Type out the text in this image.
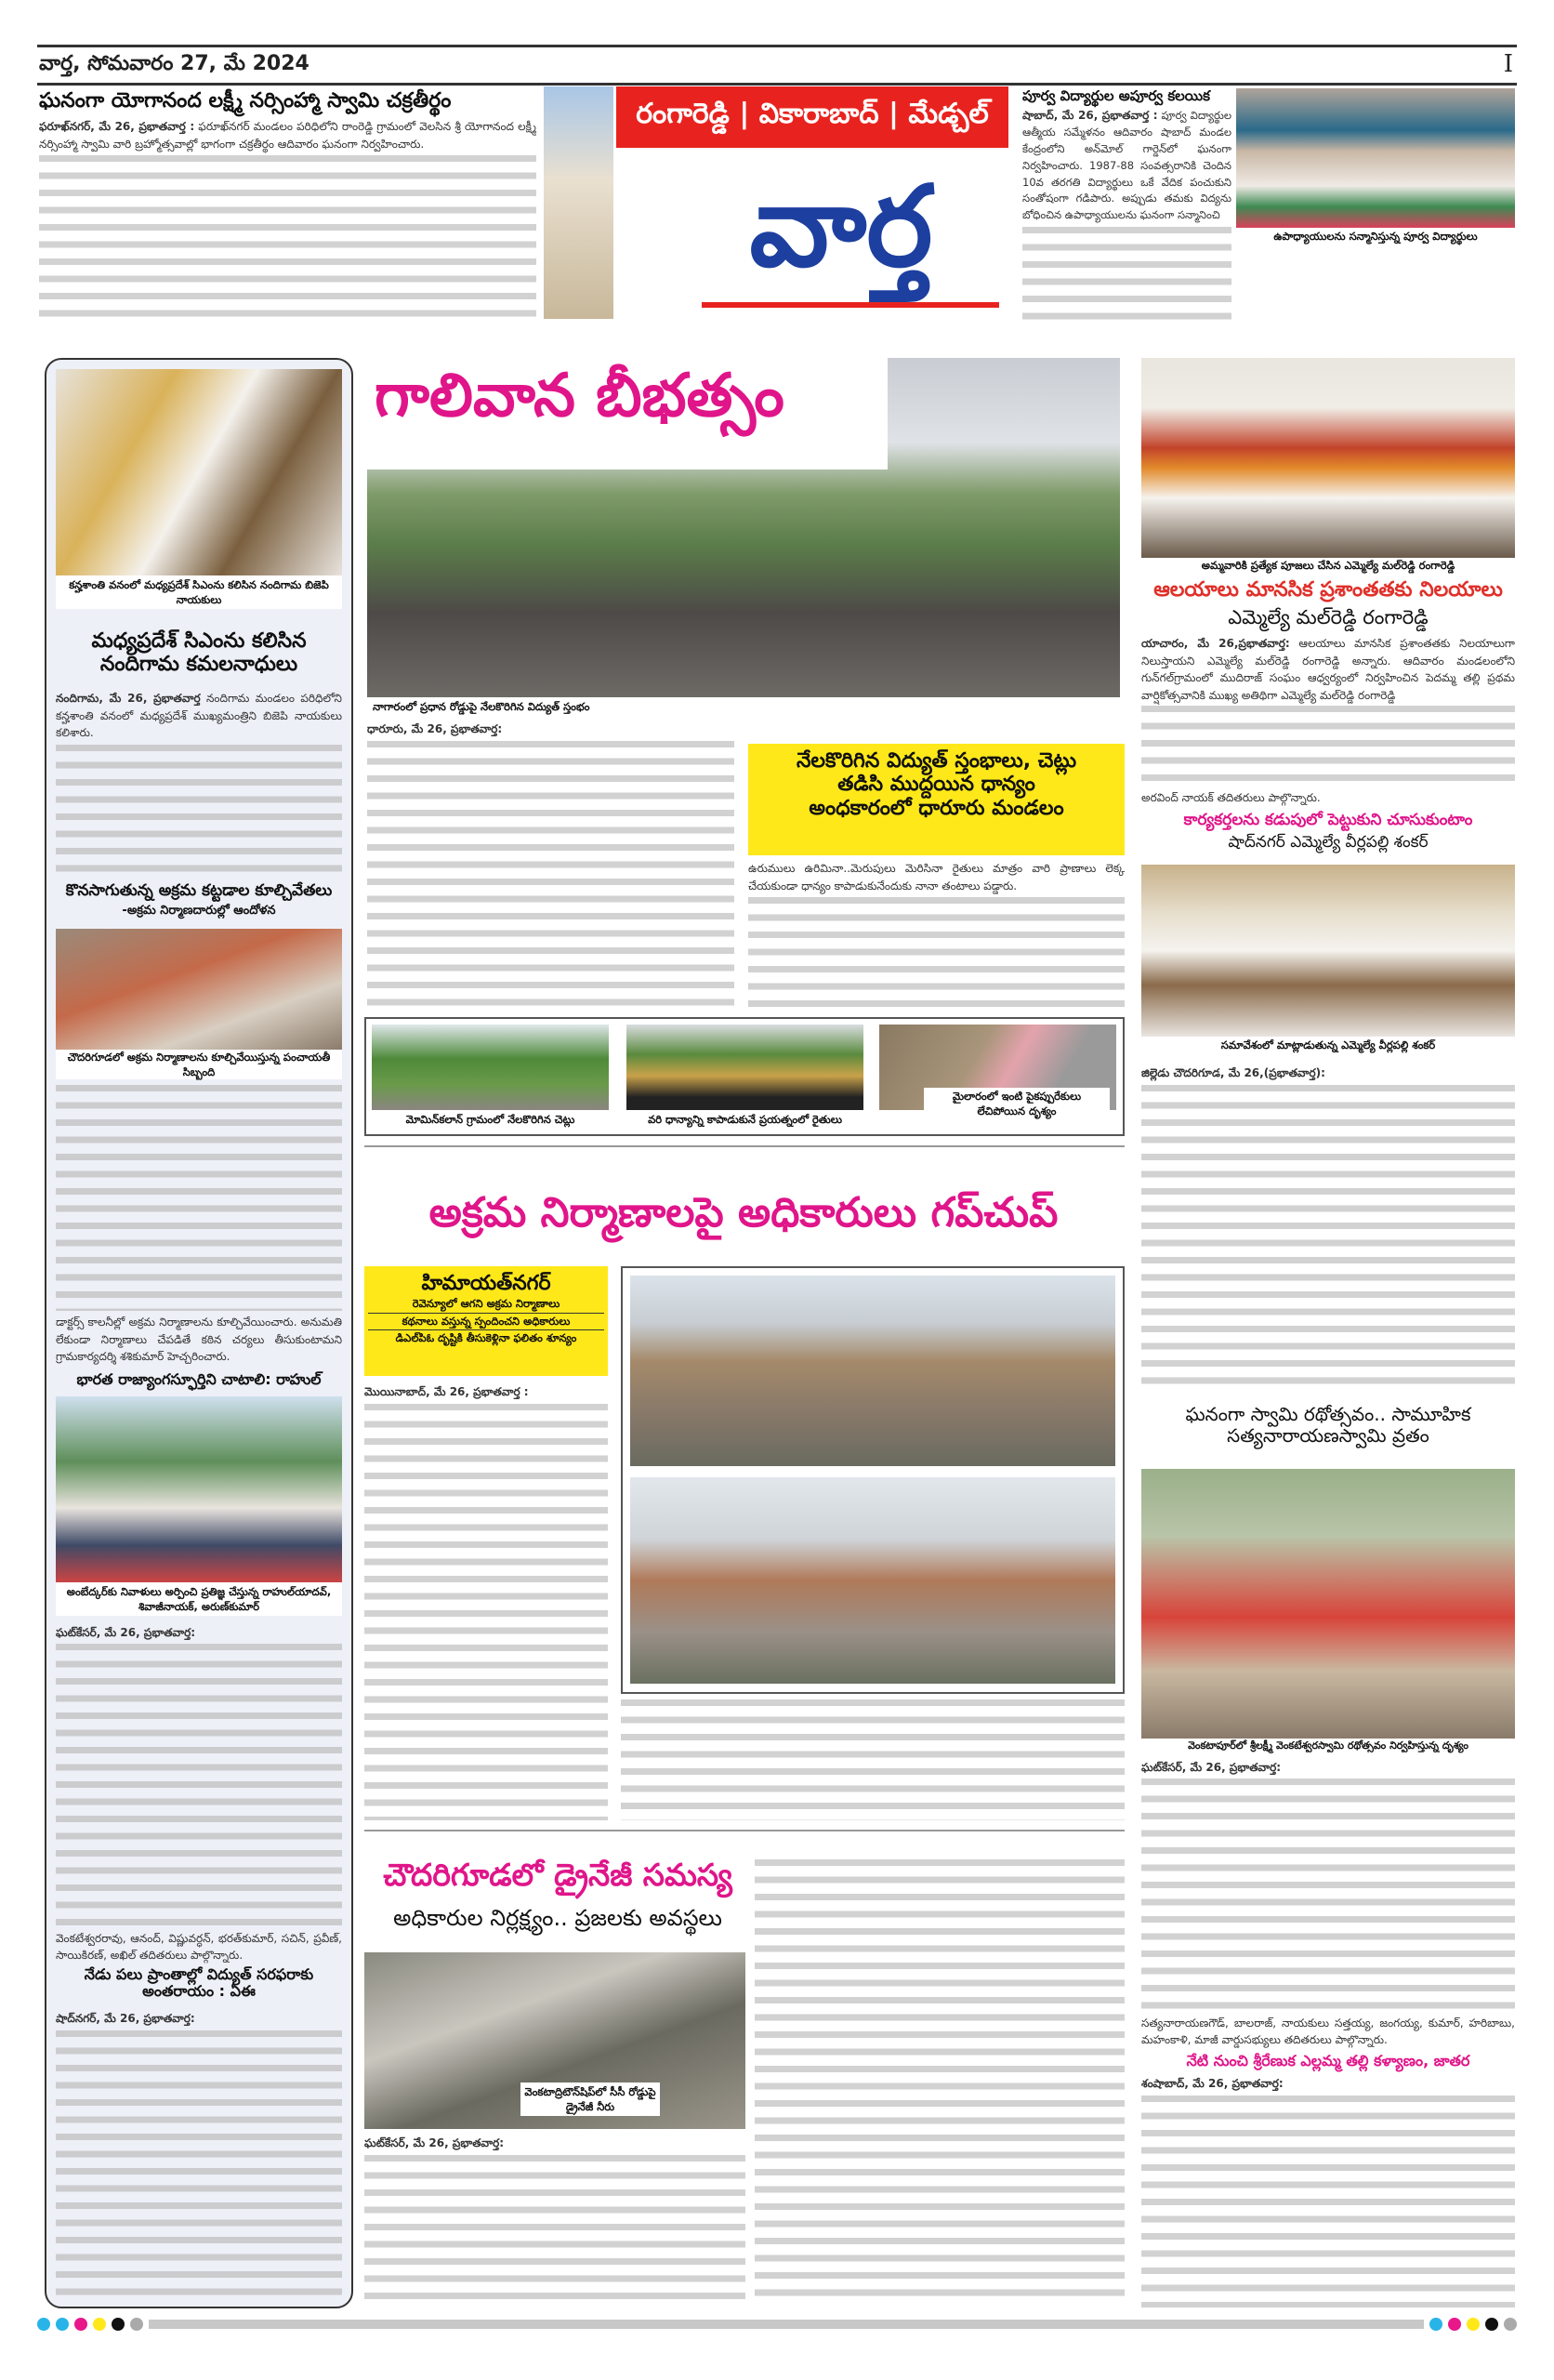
వార్త, సోమవారం 27, మే 2024	I
ఘనంగా యోగానంద లక్ష్మీ నర్సింహ్మా స్వామి చక్రతీర్థం

ఫరూఖ్‌నగర్, మే 26, ప్రభాతవార్త : ఫరూఖ్‌నగర్ మండలం పరిధిలోని రాంరెడ్డి గ్రామంలో వెలసిన శ్రీ యోగానంద లక్ష్మీ నర్సింహ్మా స్వామి వారి బ్రహ్మోత్సవాల్లో భాగంగా చక్రతీర్థం ఆదివారం ఘనంగా నిర్వహించారు.

రంగారెడ్డి | వికారాబాద్ | మేడ్చల్
వార్త
పూర్వ విద్యార్థుల అపూర్వ కలయిక

షాబాద్, మే 26, ప్రభాతవార్త : పూర్వ విద్యార్థుల ఆత్మీయ సమ్మేళనం ఆదివారం షాబాద్ మండల కేంద్రంలోని అన్‌మోల్ గార్డెన్‌లో ఘనంగా నిర్వహించారు. 1987-88 సంవత్సరానికి చెందిన 10వ తరగతి విద్యార్థులు ఒకే వేదిక పంచుకుని సంతోషంగా గడిపారు. అప్పుడు తమకు విద్యను బోధించిన ఉపాధ్యాయులను ఘనంగా సన్మానించి

ఉపాధ్యాయులను సన్మానిస్తున్న పూర్వ విద్యార్థులు
కన్హశాంతి వనంలో మధ్యప్రదేశ్ సిఎంను కలిసిన నందిగామ బిజెపి నాయకులు
మధ్యప్రదేశ్ సిఎంను కలిసిన నందిగామ కమలనాధులు

నందిగామ, మే 26, ప్రభాతవార్త నందిగామ మండలం పరిధిలోని కన్హశాంతి వనంలో మధ్యప్రదేశ్ ముఖ్యమంత్రిని బిజెపి నాయకులు కలిశారు.

కొనసాగుతున్న అక్రమ కట్టడాల కూల్చివేతలు
-అక్రమ నిర్మాణదారుల్లో ఆందోళన
చౌదరిగూడలో అక్రమ నిర్మాణాలను కూల్చివేయిస్తున్న పంచాయతీ సిబ్బంది

డాక్టర్స్ కాలనీల్లో అక్రమ నిర్మాణాలను కూల్చివేయించారు. అనుమతి లేకుండా నిర్మాణాలు చేపడితే కఠిన చర్యలు తీసుకుంటామని గ్రామకార్యదర్శి శశికుమార్ హెచ్చరించారు.

భారత రాజ్యాంగస్ఫూర్తిని చాటాలి: రాహుల్
అంబేద్కర్‌కు నివాళులు అర్పించి ప్రతిజ్ఞ చేస్తున్న రాహుల్‌యాదవ్, శివాజీనాయక్, అరుణ్‌కుమార్

ఘట్‌కేసర్, మే 26, ప్రభాతవార్త:

వెంకటేశ్వరరావు, ఆనంద్, విష్ణువర్ధన్, భరత్‌కుమార్, సచిన్, ప్రవీణ్, సాయికిరణ్, అఖిల్ తదితరులు పాల్గొన్నారు.

నేడు పలు ప్రాంతాల్లో విద్యుత్ సరఫరాకు అంతరాయం : ఏఈ

షాద్‌నగర్, మే 26, ప్రభాతవార్త:

గాలివాన బీభత్సం
నాగారంలో ప్రధాన రోడ్డుపై నేలకొరిగిన విద్యుత్ స్తంభం

ధారూరు, మే 26, ప్రభాతవార్త:

నేలకొరిగిన విద్యుత్ స్తంభాలు, చెట్లు
తడిసి ముద్దయిన ధాన్యం
అంధకారంలో ధారూరు మండలం

ఉరుములు ఉరిమినా..మెరుపులు మెరిసినా రైతులు మాత్రం వారి ప్రాణాలు లెక్క చేయకుండా ధాన్యం కాపాడుకునేందుకు నానా తంటాలు పడ్డారు.

మోమిన్‌కలాన్ గ్రామంలో నేలకొరిగిన చెట్లు	వరి ధాన్యాన్ని కాపాడుకునే ప్రయత్నంలో రైతులు
మైలారంలో ఇంటి పైకప్పురేకులు లేచిపోయిన దృశ్యం
అక్రమ నిర్మాణాలపై అధికారులు గప్‌చుప్
హిమాయత్‌నగర్
రెవెన్యూలో ఆగని అక్రమ నిర్మాణాలు
కథనాలు వస్తున్న స్పందించని అధికారులు
డిఎల్‌పిఓ దృష్టికి తీసుకెళ్లినా ఫలితం శూన్యం

మొయినాబాద్, మే 26, ప్రభాతవార్త :

చౌదరిగూడలో డ్రైనేజీ సమస్య
అధికారుల నిర్లక్ష్యం.. ప్రజలకు అవస్థలు
వెంకటాద్రిటౌన్‌షిప్‌లో సీసీ రోడ్డుపై డ్రైనేజీ నీరు

ఘట్‌కేసర్, మే 26, ప్రభాతవార్త:

అమ్మవారికి ప్రత్యేక పూజలు చేసిన ఎమ్మెల్యే మల్‌రెడ్డి రంగారెడ్డి
ఆలయాలు మానసిక ప్రశాంతతకు నిలయాలు
ఎమ్మెల్యే మల్‌రెడ్డి రంగారెడ్డి

యాచారం, మే 26,ప్రభాతవార్త: ఆలయాలు మానసిక ప్రశాంతతకు నిలయాలుగా నిలుస్తాయని ఎమ్మెల్యే మల్‌రెడ్డి రంగారెడ్డి అన్నారు. ఆదివారం మండలంలోని గున్‌గల్‌గ్రామంలో ముదిరాజ్ సంఘం ఆధ్వర్యంలో నిర్వహించిన పెదమ్మ తల్లి ప్రథమ వార్షికోత్సవానికి ముఖ్య అతిథిగా ఎమ్మెల్యే మల్‌రెడ్డి రంగారెడ్డి

అరవింద్ నాయక్ తదితరులు పాల్గొన్నారు.

కార్యకర్తలను కడుపులో పెట్టుకుని చూసుకుంటాం
షాద్‌నగర్ ఎమ్మెల్యే వీర్లపల్లి శంకర్
సమావేశంలో మాట్లాడుతున్న ఎమ్మెల్యే వీర్లపల్లి శంకర్

జిల్లెడు చౌదరిగూడ, మే 26,(ప్రభాతవార్త):

ఘనంగా స్వామి రథోత్సవం.. సామూహిక సత్యనారాయణస్వామి వ్రతం
వెంకటాపూర్‌లో శ్రీలక్ష్మీ వెంకటేశ్వరస్వామి రథోత్సవం నిర్వహిస్తున్న దృశ్యం

ఘట్‌కేసర్, మే 26, ప్రభాతవార్త:

సత్యనారాయణగౌడ్, బాలరాజ్, నాయకులు సత్తయ్య, జంగయ్య, కుమార్, హరిబాబు, మహంకాళి, మాజీ వార్డుసభ్యులు తదితరులు పాల్గొన్నారు.

నేటి నుంచి శ్రీరేణుక ఎల్లమ్మ తల్లి కళ్యాణం, జాతర

శంషాబాద్, మే 26, ప్రభాతవార్త:
